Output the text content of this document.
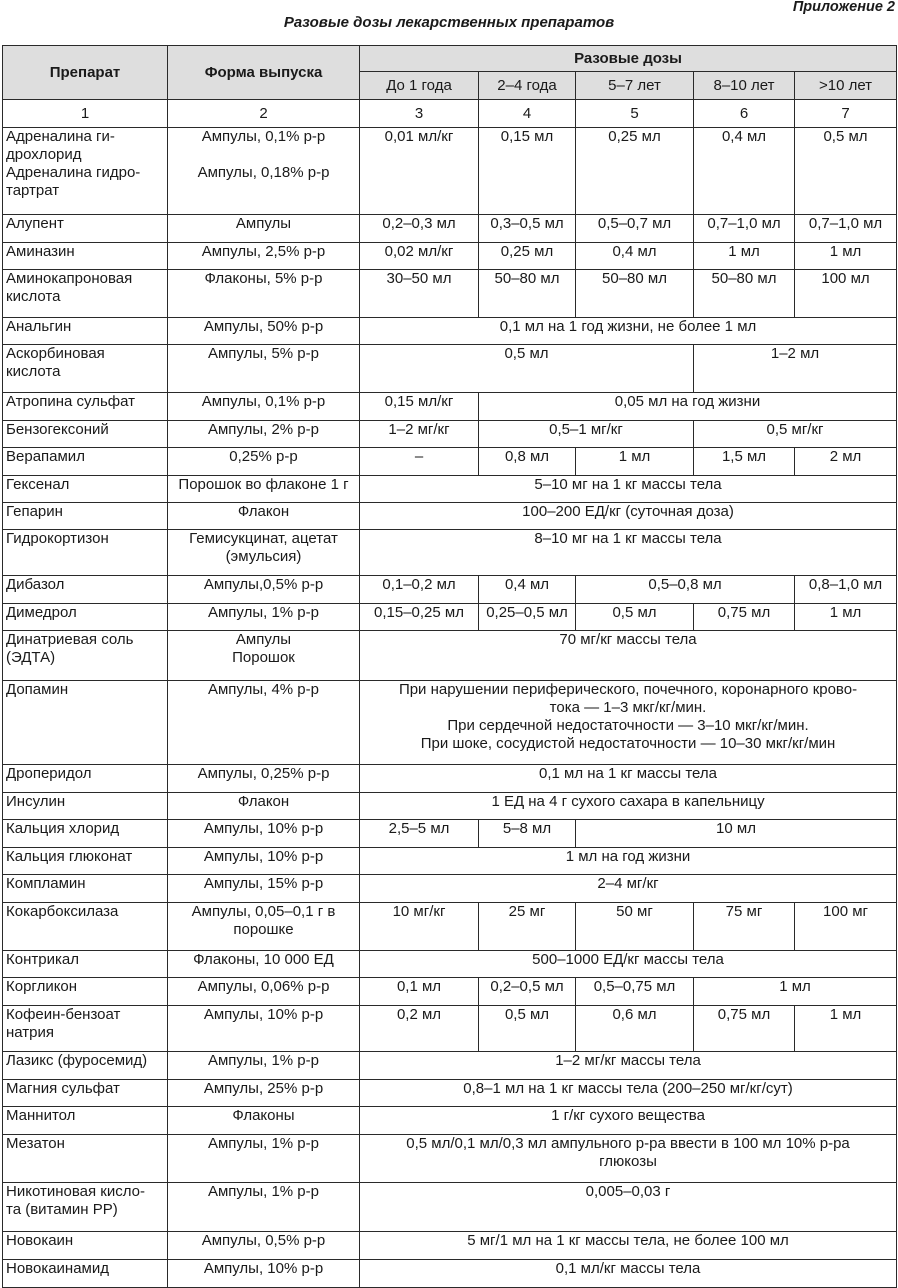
Приложение 2
Разовые дозы лекарственных препаратов
Препарат	Форма выпуска	Разовые дозы				
		До 1 года	2–4 года	5–7 лет	8–10 лет	>10 лет
1	2	3	4	5	6	7

Адреналина ги-
дрохлорид
Адреналина гидро-
тартрат	Ампулы, 0,1% р-р
Ампулы, 0,18% р-р	0,01 мл/кг	0,15 мл	0,25 мл	0,4 мл	0,5 мл

Алупент	Ампулы	0,2–0,3 мл	0,3–0,5 мл	0,5–0,7 мл	0,7–1,0 мл	0,7–1,0 мл

Аминазин	Ампулы, 2,5% р-р	0,02 мл/кг	0,25 мл	0,4 мл	1 мл	1 мл

Аминокапроновая
кислота	Флаконы, 5% р-р	30–50 мл	50–80 мл	50–80 мл	50–80 мл	100 мл

Анальгин	Ампулы, 50% р-р	0,1 мл на 1 год жизни, не более 1 мл				

Аскорбиновая
кислота	Ампулы, 5% р-р	0,5 мл			1–2 мл	

Атропина сульфат	Ампулы, 0,1% р-р	0,15 мл/кг	0,05 мл на год жизни			

Бензогексоний	Ампулы, 2% р-р	1–2 мг/кг	0,5–1 мг/кг		0,5 мг/кг	

Верапамил	0,25% р-р	–	0,8 мл	1 мл	1,5 мл	2 мл

Гексенал	Порошок во флаконе 1 г	5–10 мг на 1 кг массы тела				

Гепарин	Флакон	100–200 ЕД/кг (суточная доза)				

Гидрокортизон	Гемисукцинат, ацетат
(эмульсия)	8–10 мг на 1 кг массы тела				

Дибазол	Ампулы,0,5% р-р	0,1–0,2 мл	0,4 мл	0,5–0,8 мл		0,8–1,0 мл

Димедрол	Ампулы, 1% р-р	0,15–0,25 мл	0,25–0,5 мл	0,5 мл	0,75 мл	1 мл

Динатриевая соль
(ЭДТА)	Ампулы
Порошок	70 мг/кг массы тела				

Допамин	Ампулы, 4% р-р	При нарушении периферического, почечного, коронарного крово-
тока — 1–3 мкг/кг/мин.
При сердечной недостаточности — 3–10 мкг/кг/мин.
При шоке, сосудистой недостаточности — 10–30 мкг/кг/мин				

Дроперидол	Ампулы, 0,25% р-р	0,1 мл на 1 кг массы тела				

Инсулин	Флакон	1 ЕД на 4 г сухого сахара в капельницу				

Кальция хлорид	Ампулы, 10% р-р	2,5–5 мл	5–8 мл	10 мл		

Кальция глюконат	Ампулы, 10% р-р	1 мл на год жизни				

Компламин	Ампулы, 15% р-р	2–4 мг/кг				

Кокарбоксилаза	Ампулы, 0,05–0,1 г в
порошке	10 мг/кг	25 мг	50 мг	75 мг	100 мг

Контрикал	Флаконы, 10 000 ЕД	500–1000 ЕД/кг массы тела				

Коргликон	Ампулы, 0,06% р-р	0,1 мл	0,2–0,5 мл	0,5–0,75 мл	1 мл	

Кофеин-бензоат
натрия	Ампулы, 10% р-р	0,2 мл	0,5 мл	0,6 мл	0,75 мл	1 мл

Лазикс (фуросемид)	Ампулы, 1% р-р	1–2 мг/кг массы тела				

Магния сульфат	Ампулы, 25% р-р	0,8–1 мл на 1 кг массы тела (200–250 мг/кг/сут)				

Маннитол	Флаконы	1 г/кг сухого вещества				

Мезатон	Ампулы, 1% р-р	0,5 мл/0,1 мл/0,3 мл ампульного р-ра ввести в 100 мл 10% р-ра
глюкозы				

Никотиновая кисло-
та (витамин РР)	Ампулы, 1% р-р	0,005–0,03 г				

Новокаин	Ампулы, 0,5% р-р	5 мг/1 мл на 1 кг массы тела, не более 100 мл				

Новокаинамид	Ампулы, 10% р-р	0,1 мл/кг массы тела				
